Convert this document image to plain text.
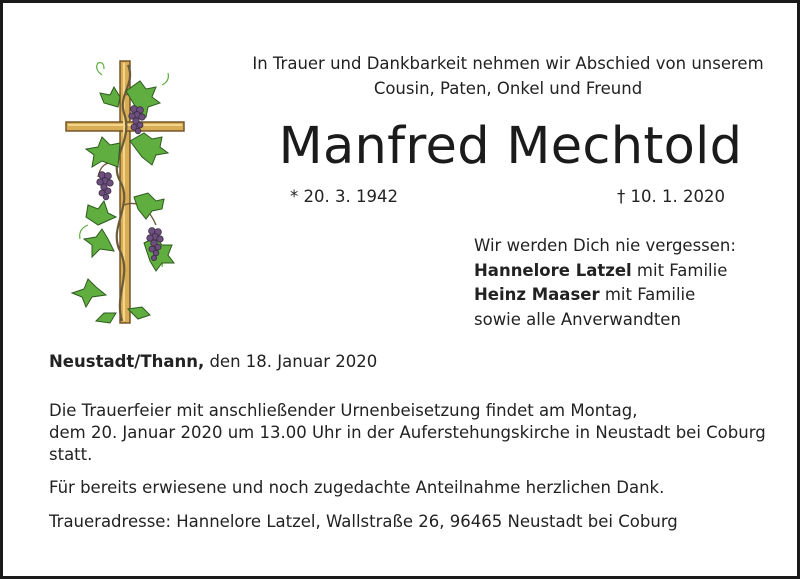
In Trauer und Dankbarkeit nehmen wir Abschied von unserem
Cousin, Paten, Onkel und Freund
Manfred Mechtold
* 20. 3. 1942	† 10. 1. 2020
Wir werden Dich nie vergessen:
Hannelore Latzel mit Familie
Heinz Maaser mit Familie
sowie alle Anverwandten
Neustadt/Thann, den 18. Januar 2020
Die Trauerfeier mit anschließender Urnenbeisetzung findet am Montag,
dem 20. Januar 2020 um 13.00 Uhr in der Auferstehungskirche in Neustadt bei Coburg
statt.
Für bereits erwiesene und noch zugedachte Anteilnahme herzlichen Dank.
Traueradresse: Hannelore Latzel, Wallstraße 26, 96465 Neustadt bei Coburg
